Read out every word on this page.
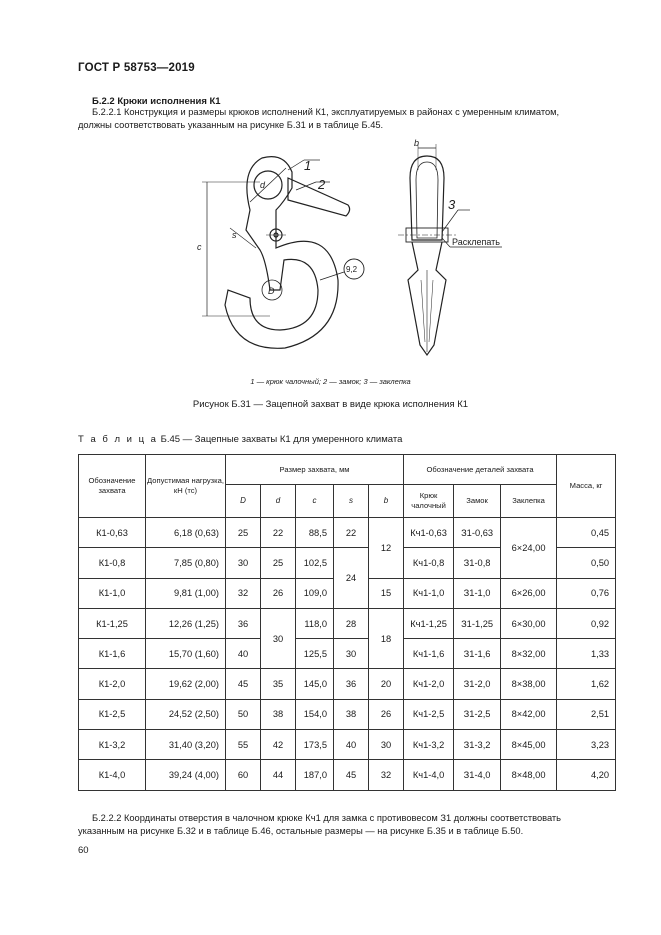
ГОСТ Р 58753—2019
Б.2.2 Крюки исполнения К1
Б.2.2.1 Конструкция и размеры крюков исполнений К1, эксплуатируемых в районах с умеренным климатом,
должны соответствовать указанным на рисунке Б.31 и в таблице Б.45.
1
2
3
d
c
s
D
b
9,2
Расклепать
1 — крюк чалочный; 2 — замок; 3 — заклепка
Рисунок Б.31 — Зацепной захват в виде крюка исполнения К1
Т а б л и ц а Б.45 — Зацепные захваты К1 для умеренного климата
Обозначение захвата	Допустимая нагрузка, кН (тс)	Размер захвата, мм					Обозначение деталей захвата			Масса, кг
		D	d	c	s	b	Крюк чалочный	Замок	Заклепка	
К1-0,63	6,18 (0,63)	25	22	88,5	22	12	Кч1-0,63	З1-0,63	6×24,00	0,45
К1-0,8	7,85 (0,80)	30	25	102,5	24		Кч1-0,8	З1-0,8		0,50
К1-1,0	9,81 (1,00)	32	26	109,0		15	Кч1-1,0	З1-1,0	6×26,00	0,76
К1-1,25	12,26 (1,25)	36	30	118,0	28	18	Кч1-1,25	З1-1,25	6×30,00	0,92
К1-1,6	15,70 (1,60)	40		125,5	30		Кч1-1,6	З1-1,6	8×32,00	1,33
К1-2,0	19,62 (2,00)	45	35	145,0	36	20	Кч1-2,0	З1-2,0	8×38,00	1,62
К1-2,5	24,52 (2,50)	50	38	154,0	38	26	Кч1-2,5	З1-2,5	8×42,00	2,51
К1-3,2	31,40 (3,20)	55	42	173,5	40	30	Кч1-3,2	З1-3,2	8×45,00	3,23
К1-4,0	39,24 (4,00)	60	44	187,0	45	32	Кч1-4,0	З1-4,0	8×48,00	4,20
Б.2.2.2 Координаты отверстия в чалочном крюке Кч1 для замка с противовесом З1 должны соответствовать
указанным на рисунке Б.32 и в таблице Б.46, остальные размеры — на рисунке Б.35 и в таблице Б.50.
60
